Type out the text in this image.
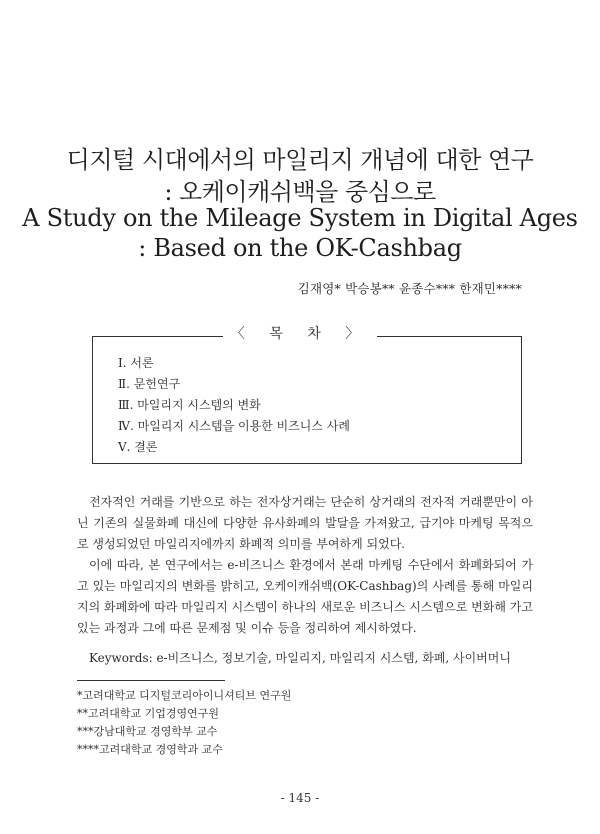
디지털 시대에서의 마일리지 개념에 대한 연구
: 오케이캐쉬백을 중심으로
A Study on the Mileage System in Digital Ages
: Based on the OK-Cashbag
김재영* 박승봉** 윤종수*** 한재민****
〈 목 차 〉
Ⅰ. 서론
Ⅱ. 문헌연구
Ⅲ. 마일리지 시스템의 변화
Ⅳ. 마일리지 시스템을 이용한 비즈니스 사례
Ⅴ. 결론

전자적인 거래를 기반으로 하는 전자상거래는 단순히 상거래의 전자적 거래뿐만이 아닌 기존의 실물화폐 대신에 다양한 유사화폐의 발달을 가져왔고, 급기야 마케팅 목적으로 생성되었던 마일리지에까지 화폐적 의미를 부여하게 되었다.

이에 따라, 본 연구에서는 e-비즈니스 환경에서 본래 마케팅 수단에서 화폐화되어 가고 있는 마일리지의 변화를 밝히고, 오케이캐쉬백(OK-Cashbag)의 사례를 통해 마일리지의 화폐화에 따라 마일리지 시스템이 하나의 새로운 비즈니스 시스템으로 변화해 가고 있는 과정과 그에 따른 문제점 및 이슈 등을 정리하여 제시하였다.

Keywords: e-비즈니스, 정보기술, 마일리지, 마일리지 시스템, 화폐, 사이버머니
*고려대학교 디지털코리아이니셔티브 연구원
**고려대학교 기업경영연구원
***강남대학교 경영학부 교수
****고려대학교 경영학과 교수
- 145 -
